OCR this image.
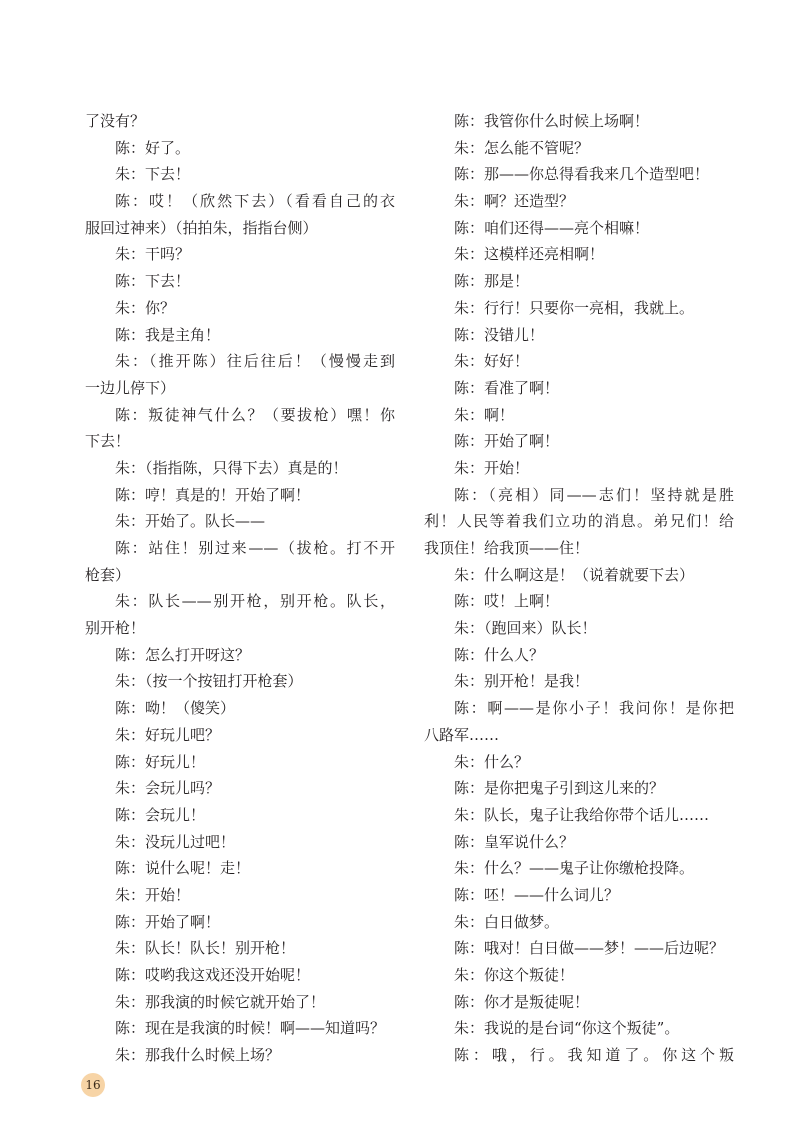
了没有？
陈：好了。
朱：下去！
陈：哎！（欣然下去）（看看自己的衣
服回过神来）（拍拍朱，指指台侧）
朱：干吗？
陈：下去！
朱：你？
陈：我是主角！
朱：（推开陈）往后往后！（慢慢走到
一边儿停下）
陈：叛徒神气什么？（要拔枪）嘿！你
下去！
朱：（指指陈，只得下去）真是的！
陈：哼！真是的！开始了啊！
朱：开始了。队长——
陈：站住！别过来——（拔枪。打不开
枪套）
朱：队长——别开枪，别开枪。队长，
别开枪！
陈：怎么打开呀这？
朱：（按一个按钮打开枪套）
陈：呦！（傻笑）
朱：好玩儿吧？
陈：好玩儿！
朱：会玩儿吗？
陈：会玩儿！
朱：没玩儿过吧！
陈：说什么呢！走！
朱：开始！
陈：开始了啊！
朱：队长！队长！别开枪！
陈：哎哟我这戏还没开始呢！
朱：那我演的时候它就开始了！
陈：现在是我演的时候！啊——知道吗？
朱：那我什么时候上场？
陈：我管你什么时候上场啊！
朱：怎么能不管呢？
陈：那——你总得看我来几个造型吧！
朱：啊？还造型？
陈：咱们还得——亮个相嘛！
朱：这模样还亮相啊！
陈：那是！
朱：行行！只要你一亮相，我就上。
陈：没错儿！
朱：好好！
陈：看准了啊！
朱：啊！
陈：开始了啊！
朱：开始！
陈：（亮相）同——志们！坚持就是胜
利！人民等着我们立功的消息。弟兄们！给
我顶住！给我顶——住！
朱：什么啊这是！（说着就要下去）
陈：哎！上啊！
朱：（跑回来）队长！
陈：什么人？
朱：别开枪！是我！
陈：啊——是你小子！我问你！是你把
八路军……
朱：什么？
陈：是你把鬼子引到这儿来的？
朱：队长，鬼子让我给你带个话儿……
陈：皇军说什么？
朱：什么？——鬼子让你缴枪投降。
陈：呸！——什么词儿？
朱：白日做梦。
陈：哦对！白日做——梦！——后边呢？
朱：你这个叛徒！
陈：你才是叛徒呢！
朱：我说的是台词“你这个叛徒”。
陈：哦，行。我知道了。你这个叛
16
